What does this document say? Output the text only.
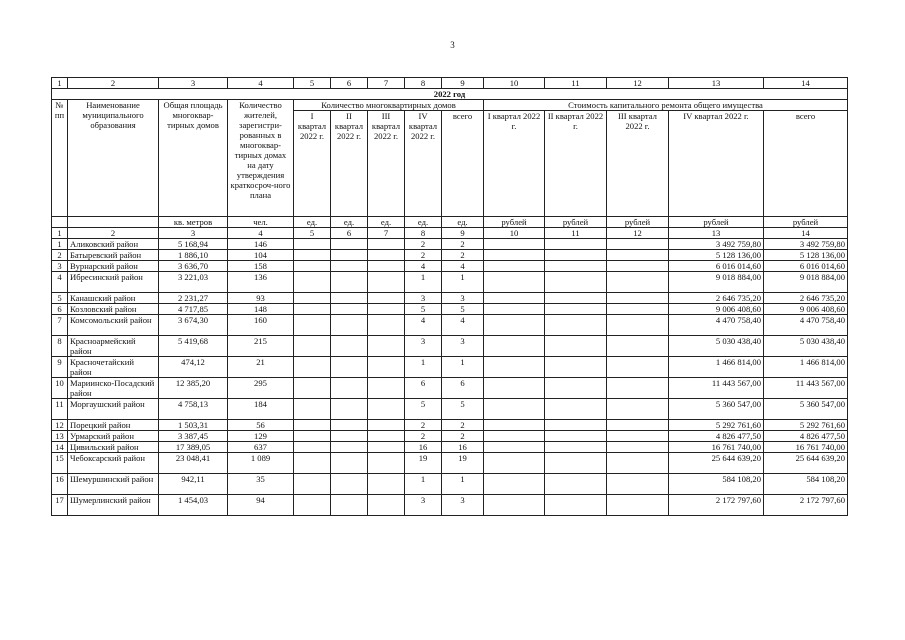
3
1	2	3	4	5	6	7	8	9	10	11	12	13	14
2022 год													
№
пп	Наименование муниципального образования	Общая площадь многоквар-тирных домов	Количество жителей, зарегистри-рованных в многоквар-тирных домах на дату утверждения краткосроч-ного плана	Количество многоквартирных домов					Стоимость капитального ремонта общего имущества				
				I квартал 2022 г.	II квартал 2022 г.	III квартал 2022 г.	IV квартал 2022 г.	всего	I квартал 2022 г.	II квартал 2022 г.	III квартал 2022 г.	IV квартал 2022 г.	всего
		кв. метров	чел.	ед.	ед.	ед.	ед.	ед.	рублей	рублей	рублей	рублей	рублей
1	2	3	4	5	6	7	8	9	10	11	12	13	14
1	Аликовский район	5 168,94	146				2	2				3 492 759,80	3 492 759,80
2	Батыревский район	1 886,10	104				2	2				5 128 136,00	5 128 136,00
3	Вурнарский район	3 636,70	158				4	4				6 016 014,60	6 016 014,60
4	Ибресинский район	3 221,03	136				1	1				9 018 884,00	9 018 884,00
5	Канашский район	2 231,27	93				3	3				2 646 735,20	2 646 735,20
6	Козловский район	4 717,85	148				5	5				9 006 408,60	9 006 408,60
7	Комсомольский район	3 674,30	160				4	4				4 470 758,40	4 470 758,40
8	Красноармейский район	5 419,68	215				3	3				5 030 438,40	5 030 438,40
9	Красночетайский район	474,12	21				1	1				1 466 814,00	1 466 814,00
10	Мариинско-Посадский район	12 385,20	295				6	6				11 443 567,00	11 443 567,00
11	Моргаушский район	4 758,13	184				5	5				5 360 547,00	5 360 547,00
12	Порецкий район	1 503,31	56				2	2				5 292 761,60	5 292 761,60
13	Урмарский район	3 387,45	129				2	2				4 826 477,50	4 826 477,50
14	Цивильский район	17 389,05	637				16	16				16 761 740,00	16 761 740,00
15	Чебоксарский район	23 048,41	1 089				19	19				25 644 639,20	25 644 639,20
16	Шемуршинский район	942,11	35				1	1				584 108,20	584 108,20
17	Шумерлинский район	1 454,03	94				3	3				2 172 797,60	2 172 797,60
